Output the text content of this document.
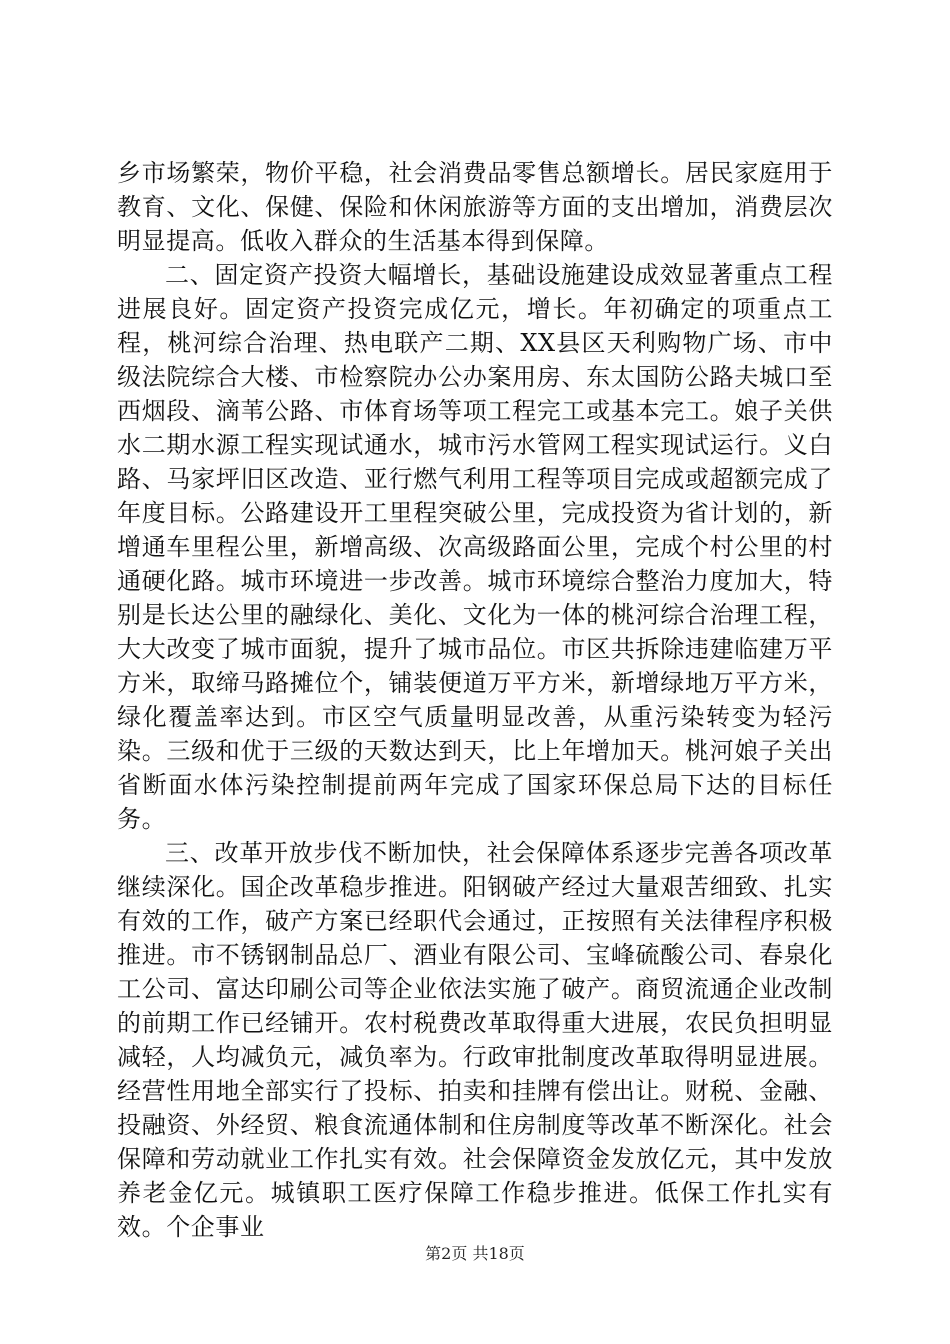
乡市场繁荣，物价平稳，社会消费品零售总额增长。居民家庭用于教育、文化、保健、保险和休闲旅游等方面的支出增加，消费层次明显提高。低收入群众的生活基本得到保障。

二、固定资产投资大幅增长，基础设施建设成效显著重点工程进展良好。固定资产投资完成亿元，增长。年初确定的项重点工程，桃河综合治理、热电联产二期、XX县区天利购物广场、市中级法院综合大楼、市检察院办公办案用房、东太国防公路夫城口至西烟段、滴苇公路、市体育场等项工程完工或基本完工。娘子关供水二期水源工程实现试通水，城市污水管网工程实现试运行。义白路、马家坪旧区改造、亚行燃气利用工程等项目完成或超额完成了年度目标。公路建设开工里程突破公里，完成投资为省计划的，新增通车里程公里，新增高级、次高级路面公里，完成个村公里的村通硬化路。城市环境进一步改善。城市环境综合整治力度加大，特别是长达公里的融绿化、美化、文化为一体的桃河综合治理工程，大大改变了城市面貌，提升了城市品位。市区共拆除违建临建万平方米，取缔马路摊位个，铺装便道万平方米，新增绿地万平方米，绿化覆盖率达到。市区空气质量明显改善，从重污染转变为轻污染。三级和优于三级的天数达到天，比上年增加天。桃河娘子关出省断面水体污染控制提前两年完成了国家环保总局下达的目标任务。

三、改革开放步伐不断加快，社会保障体系逐步完善各项改革继续深化。国企改革稳步推进。阳钢破产经过大量艰苦细致、扎实有效的工作，破产方案已经职代会通过，正按照有关法律程序积极推进。市不锈钢制品总厂、酒业有限公司、宝峰硫酸公司、春泉化工公司、富达印刷公司等企业依法实施了破产。商贸流通企业改制的前期工作已经铺开。农村税费改革取得重大进展，农民负担明显减轻，人均减负元，减负率为。行政审批制度改革取得明显进展。经营性用地全部实行了投标、拍卖和挂牌有偿出让。财税、金融、投融资、外经贸、粮食流通体制和住房制度等改革不断深化。社会保障和劳动就业工作扎实有效。社会保障资金发放亿元，其中发放养老金亿元。城镇职工医疗保障工作稳步推进。低保工作扎实有效。个企事业

第2页 共18页
